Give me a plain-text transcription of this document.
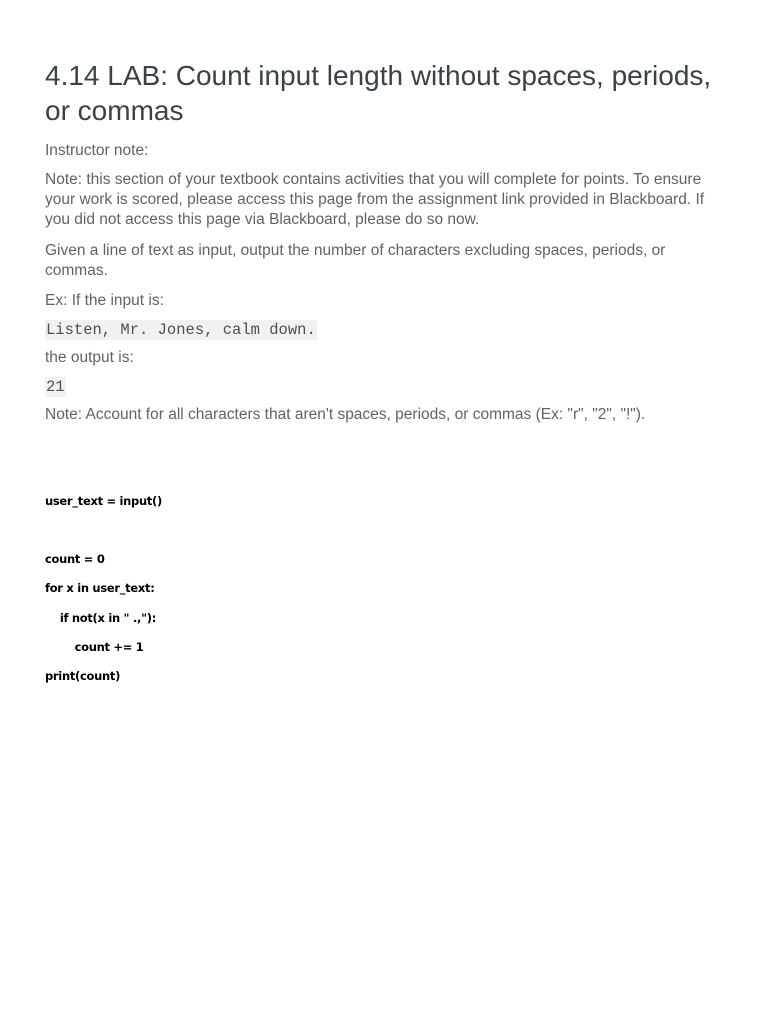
4.14 LAB: Count input length without spaces, periods, or commas

Instructor note:

Note: this section of your textbook contains activities that you will complete for points. To ensure your work is scored, please access this page from the assignment link provided in Blackboard. If you did not access this page via Blackboard, please do so now.

Given a line of text as input, output the number of characters excluding spaces, periods, or commas.

Ex: If the input is:

Listen, Mr. Jones, calm down.

the output is:

21

Note: Account for all characters that aren't spaces, periods, or commas (Ex: "r", "2", "!").

user_text = input()
count = 0
for x in user_text:
if not(x in " .,"):
count += 1
print(count)
